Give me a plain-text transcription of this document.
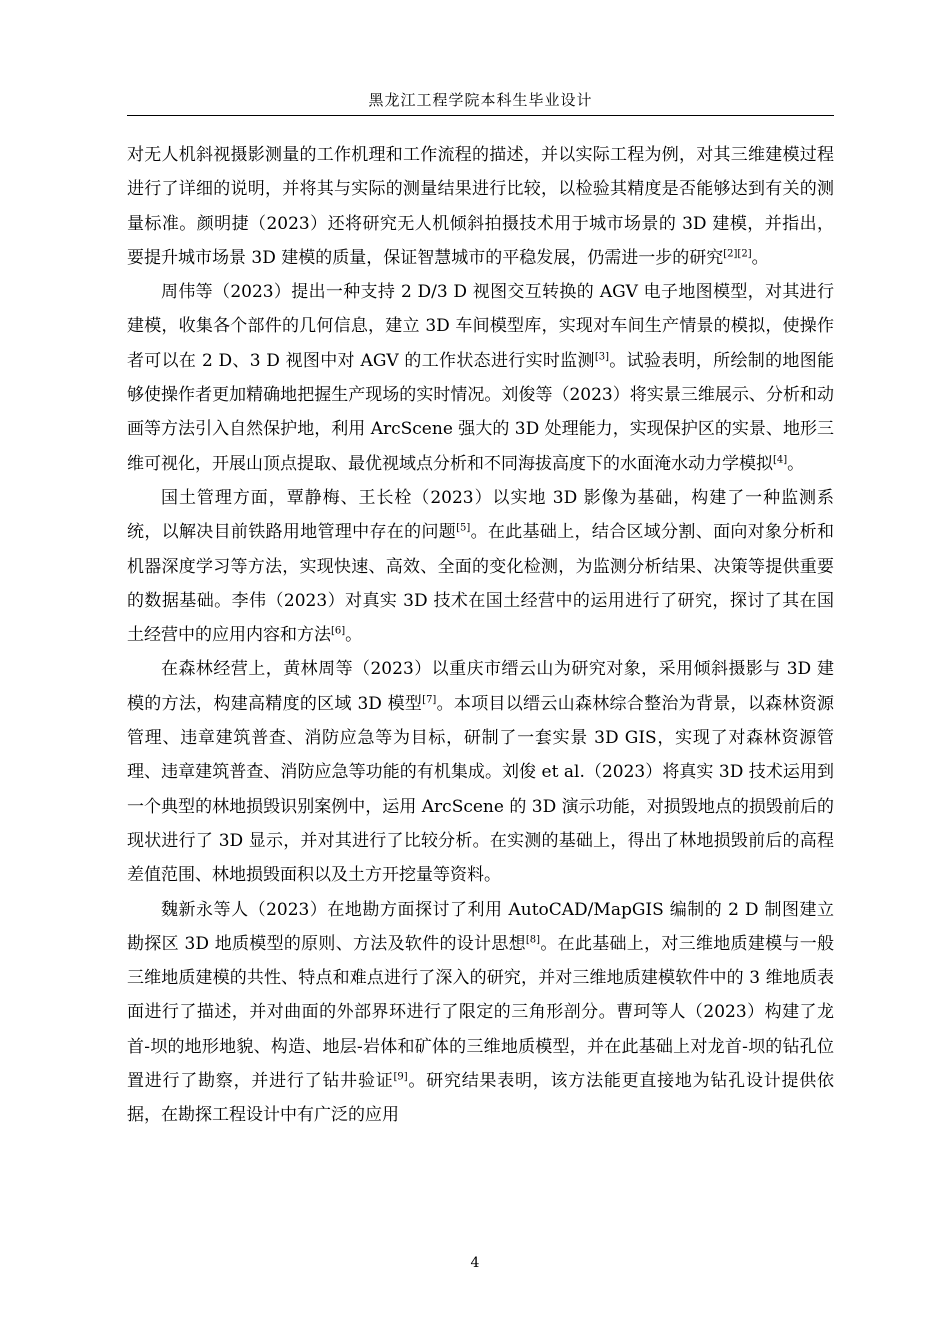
黑龙江工程学院本科生毕业设计

对无人机斜视摄影测量的工作机理和工作流程的描述，并以实际工程为例，对其三维建模过程进行了详细的说明，并将其与实际的测量结果进行比较，以检验其精度是否能够达到有关的测量标准。颜明捷（2023）还将研究无人机倾斜拍摄技术用于城市场景的 3D 建模，并指出，要提升城市场景 3D 建模的质量，保证智慧城市的平稳发展，仍需进一步的研究[2][2]。

周伟等（2023）提出一种支持 2 D/3 D 视图交互转换的 AGV 电子地图模型，对其进行建模，收集各个部件的几何信息，建立 3D 车间模型库，实现对车间生产情景的模拟，使操作者可以在 2 D、3 D 视图中对 AGV 的工作状态进行实时监测[3]。试验表明，所绘制的地图能够使操作者更加精确地把握生产现场的实时情况。刘俊等（2023）将实景三维展示、分析和动画等方法引入自然保护地，利用 ArcScene 强大的 3D 处理能力，实现保护区的实景、地形三维可视化，开展山顶点提取、最优视域点分析和不同海拔高度下的水面淹水动力学模拟[4]。

国土管理方面，覃静梅、王长栓（2023）以实地 3D 影像为基础，构建了一种监测系统，以解决目前铁路用地管理中存在的问题[5]。在此基础上，结合区域分割、面向对象分析和机器深度学习等方法，实现快速、高效、全面的变化检测，为监测分析结果、决策等提供重要的数据基础。李伟（2023）对真实 3D 技术在国土经营中的运用进行了研究，探讨了其在国土经营中的应用内容和方法[6]。

在森林经营上，黄林周等（2023）以重庆市缙云山为研究对象，采用倾斜摄影与 3D 建模的方法，构建高精度的区域 3D 模型[7]。本项目以缙云山森林综合整治为背景，以森林资源管理、违章建筑普查、消防应急等为目标，研制了一套实景 3D GIS，实现了对森林资源管理、违章建筑普查、消防应急等功能的有机集成。刘俊 et al.（2023）将真实 3D 技术运用到一个典型的林地损毁识别案例中，运用 ArcScene 的 3D 演示功能，对损毁地点的损毁前后的现状进行了 3D 显示，并对其进行了比较分析。在实测的基础上，得出了林地损毁前后的高程差值范围、林地损毁面积以及土方开挖量等资料。

魏新永等人（2023）在地勘方面探讨了利用 AutoCAD/MapGIS 编制的 2 D 制图建立勘探区 3D 地质模型的原则、方法及软件的设计思想[8]。在此基础上，对三维地质建模与一般三维地质建模的共性、特点和难点进行了深入的研究，并对三维地质建模软件中的 3 维地质表面进行了描述，并对曲面的外部界环进行了限定的三角形剖分。曹珂等人（2023）构建了龙首-坝的地形地貌、构造、地层-岩体和矿体的三维地质模型，并在此基础上对龙首-坝的钻孔位置进行了勘察，并进行了钻井验证[9]。研究结果表明，该方法能更直接地为钻孔设计提供依据，在勘探工程设计中有广泛的应用

4
